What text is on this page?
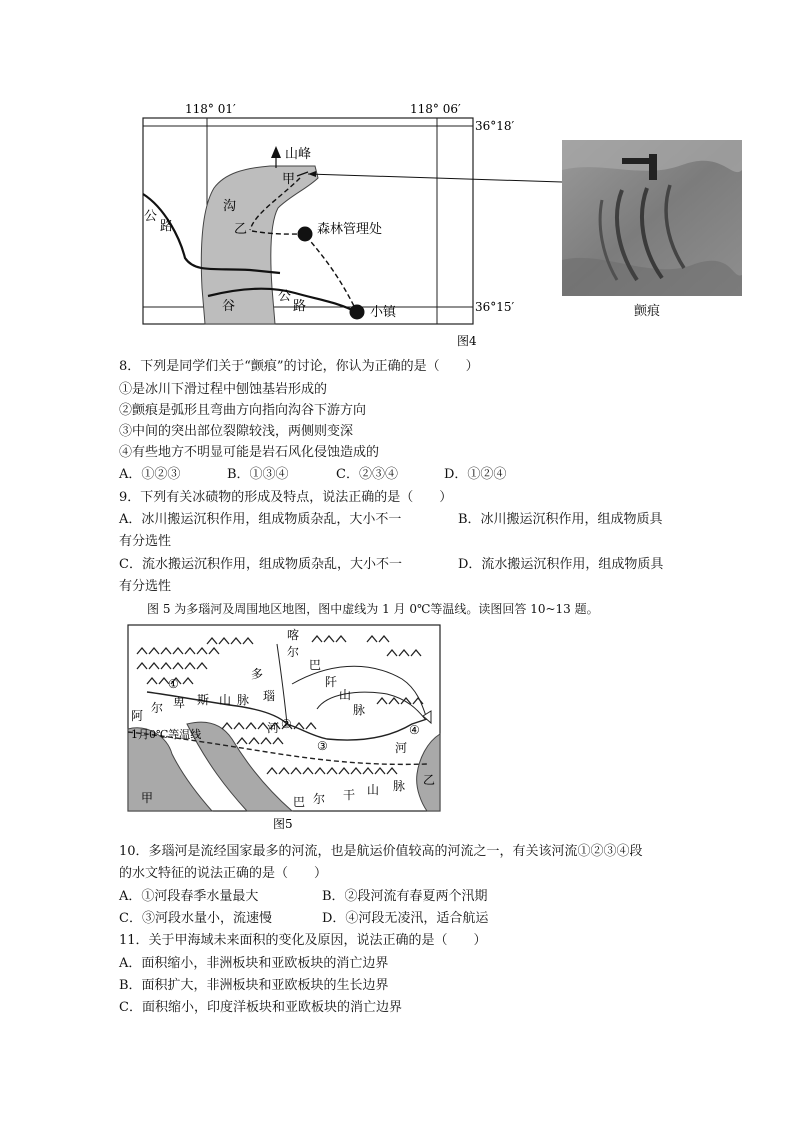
118° 01′	118° 06′
36°18′
36°15′
山峰
甲
沟
乙
谷
公
路
公
路
森林管理处
小镇
图4
颤痕
8．下列是同学们关于“颤痕”的讨论，你认为正确的是（　　）
①是冰川下滑过程中刨蚀基岩形成的
②颤痕是弧形且弯曲方向指向沟谷下游方向
③中间的突出部位裂隙较浅，两侧则变深
④有些地方不明显可能是岩石风化侵蚀造成的
A．①②③	B．①③④	C．②③④	D．①②④
9．下列有关冰碛物的形成及特点，说法正确的是（　　）
A．冰川搬运沉积作用，组成物质杂乱，大小不一	B．冰川搬运沉积作用，组成物质具
有分选性
C．流水搬运沉积作用，组成物质杂乱，大小不一	D．流水搬运沉积作用，组成物质具
有分选性
图 5 为多瑙河及周围地区地图，图中虚线为 1 月 0℃等温线。读图回答 10~13 题。
喀
尔
巴
阡
山
脉
多
瑙
河
河
阿
尔 卑 斯 山 脉
1月0℃等温线
①
②
③
④
甲
乙
巴 尔 干 山 脉
图5
10．多瑙河是流经国家最多的河流，也是航运价值较高的河流之一，有关该河流①②③④段
的水文特征的说法正确的是（　　）
A．①河段春季水量最大	B．②段河流有春夏两个汛期
C．③河段水量小，流速慢	D．④河段无凌汛，适合航运
11．关于甲海域未来面积的变化及原因，说法正确的是（　　）
A．面积缩小，非洲板块和亚欧板块的消亡边界
B．面积扩大，非洲板块和亚欧板块的生长边界
C．面积缩小，印度洋板块和亚欧板块的消亡边界
